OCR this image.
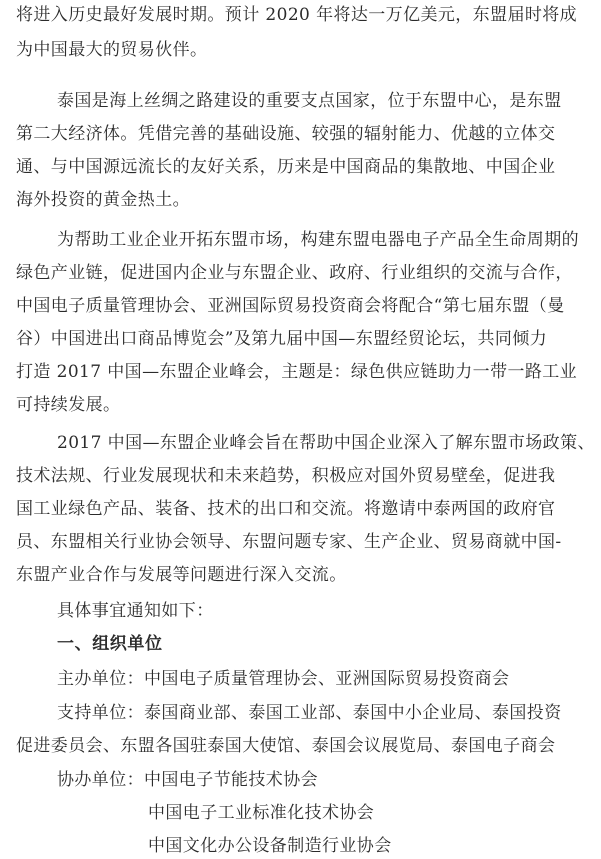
将进入历史最好发展时期。预计 2020 年将达一万亿美元，东盟届时将成
为中国最大的贸易伙伴。
泰国是海上丝绸之路建设的重要支点国家，位于东盟中心，是东盟
第二大经济体。凭借完善的基础设施、较强的辐射能力、优越的立体交
通、与中国源远流长的友好关系，历来是中国商品的集散地、中国企业
海外投资的黄金热土。
为帮助工业企业开拓东盟市场，构建东盟电器电子产品全生命周期的
绿色产业链，促进国内企业与东盟企业、政府、行业组织的交流与合作，
中国电子质量管理协会、亚洲国际贸易投资商会将配合“第七届东盟（曼
谷）中国进出口商品博览会”及第九届中国—东盟经贸论坛，共同倾力
打造 2017 中国—东盟企业峰会，主题是：绿色供应链助力一带一路工业
可持续发展。
2017 中国—东盟企业峰会旨在帮助中国企业深入了解东盟市场政策、
技术法规、行业发展现状和未来趋势，积极应对国外贸易壁垒，促进我
国工业绿色产品、装备、技术的出口和交流。将邀请中泰两国的政府官
员、东盟相关行业协会领导、东盟问题专家、生产企业、贸易商就中国-
东盟产业合作与发展等问题进行深入交流。
具体事宜通知如下：
一、组织单位
主办单位：中国电子质量管理协会、亚洲国际贸易投资商会
支持单位：泰国商业部、泰国工业部、泰国中小企业局、泰国投资
促进委员会、东盟各国驻泰国大使馆、泰国会议展览局、泰国电子商会
协办单位：中国电子节能技术协会
中国电子工业标准化技术协会
中国文化办公设备制造行业协会
